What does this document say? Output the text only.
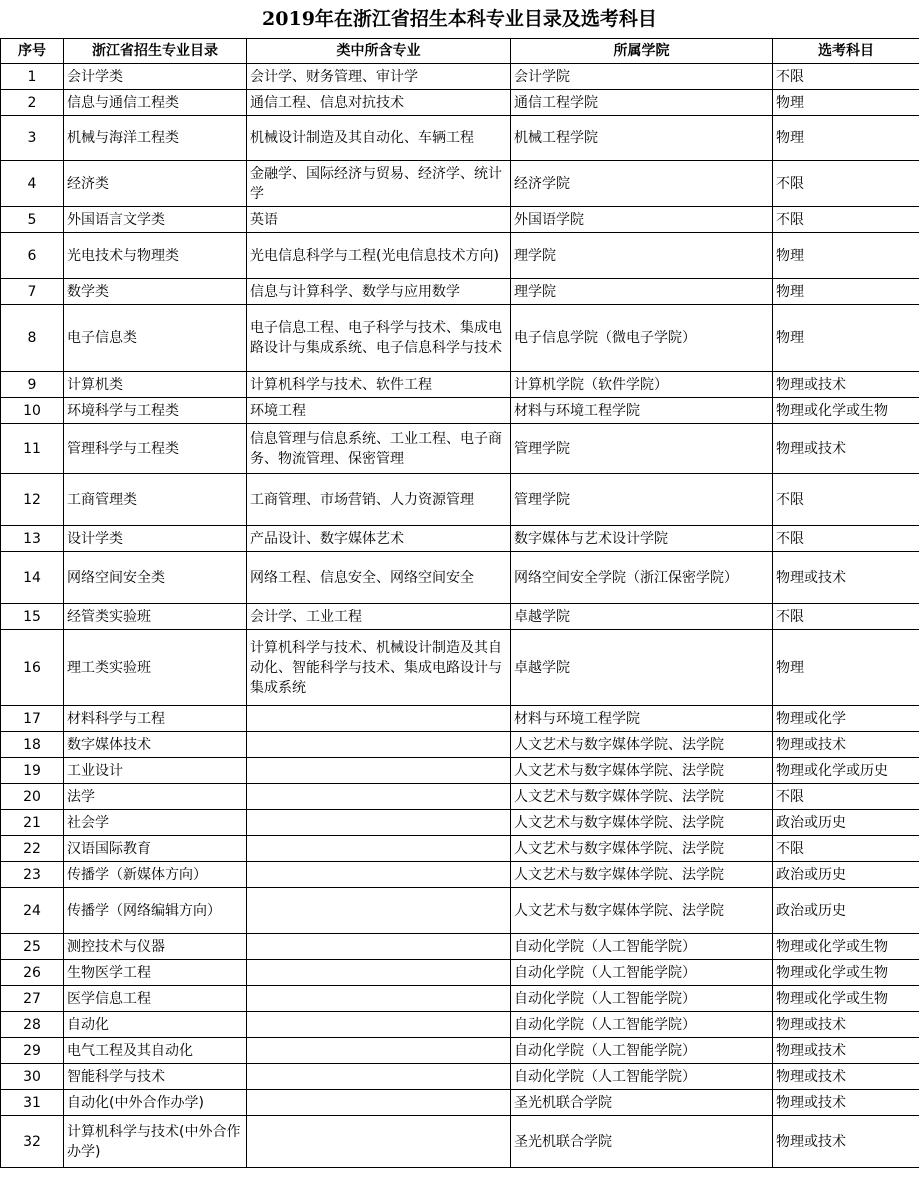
2019年在浙江省招生本科专业目录及选考科目
序号	浙江省招生专业目录	类中所含专业	所属学院	选考科目
1	会计学类	会计学、财务管理、审计学	会计学院	不限
2	信息与通信工程类	通信工程、信息对抗技术	通信工程学院	物理
3	机械与海洋工程类	机械设计制造及其自动化、车辆工程	机械工程学院	物理
4	经济类	金融学、国际经济与贸易、经济学、统计学	经济学院	不限
5	外国语言文学类	英语	外国语学院	不限
6	光电技术与物理类	光电信息科学与工程(光电信息技术方向)	理学院	物理
7	数学类	信息与计算科学、数学与应用数学	理学院	物理
8	电子信息类	电子信息工程、电子科学与技术、集成电路设计与集成系统、电子信息科学与技术	电子信息学院（微电子学院）	物理
9	计算机类	计算机科学与技术、软件工程	计算机学院（软件学院）	物理或技术
10	环境科学与工程类	环境工程	材料与环境工程学院	物理或化学或生物
11	管理科学与工程类	信息管理与信息系统、工业工程、电子商务、物流管理、保密管理	管理学院	物理或技术
12	工商管理类	工商管理、市场营销、人力资源管理	管理学院	不限
13	设计学类	产品设计、数字媒体艺术	数字媒体与艺术设计学院	不限
14	网络空间安全类	网络工程、信息安全、网络空间安全	网络空间安全学院（浙江保密学院）	物理或技术
15	经管类实验班	会计学、工业工程	卓越学院	不限
16	理工类实验班	计算机科学与技术、机械设计制造及其自动化、智能科学与技术、集成电路设计与集成系统	卓越学院	物理
17	材料科学与工程		材料与环境工程学院	物理或化学
18	数字媒体技术		人文艺术与数字媒体学院、法学院	物理或技术
19	工业设计		人文艺术与数字媒体学院、法学院	物理或化学或历史
20	法学		人文艺术与数字媒体学院、法学院	不限
21	社会学		人文艺术与数字媒体学院、法学院	政治或历史
22	汉语国际教育		人文艺术与数字媒体学院、法学院	不限
23	传播学（新媒体方向）		人文艺术与数字媒体学院、法学院	政治或历史
24	传播学（网络编辑方向）		人文艺术与数字媒体学院、法学院	政治或历史
25	测控技术与仪器		自动化学院（人工智能学院）	物理或化学或生物
26	生物医学工程		自动化学院（人工智能学院）	物理或化学或生物
27	医学信息工程		自动化学院（人工智能学院）	物理或化学或生物
28	自动化		自动化学院（人工智能学院）	物理或技术
29	电气工程及其自动化		自动化学院（人工智能学院）	物理或技术
30	智能科学与技术		自动化学院（人工智能学院）	物理或技术
31	自动化(中外合作办学)		圣光机联合学院	物理或技术
32	计算机科学与技术(中外合作办学)		圣光机联合学院	物理或技术
